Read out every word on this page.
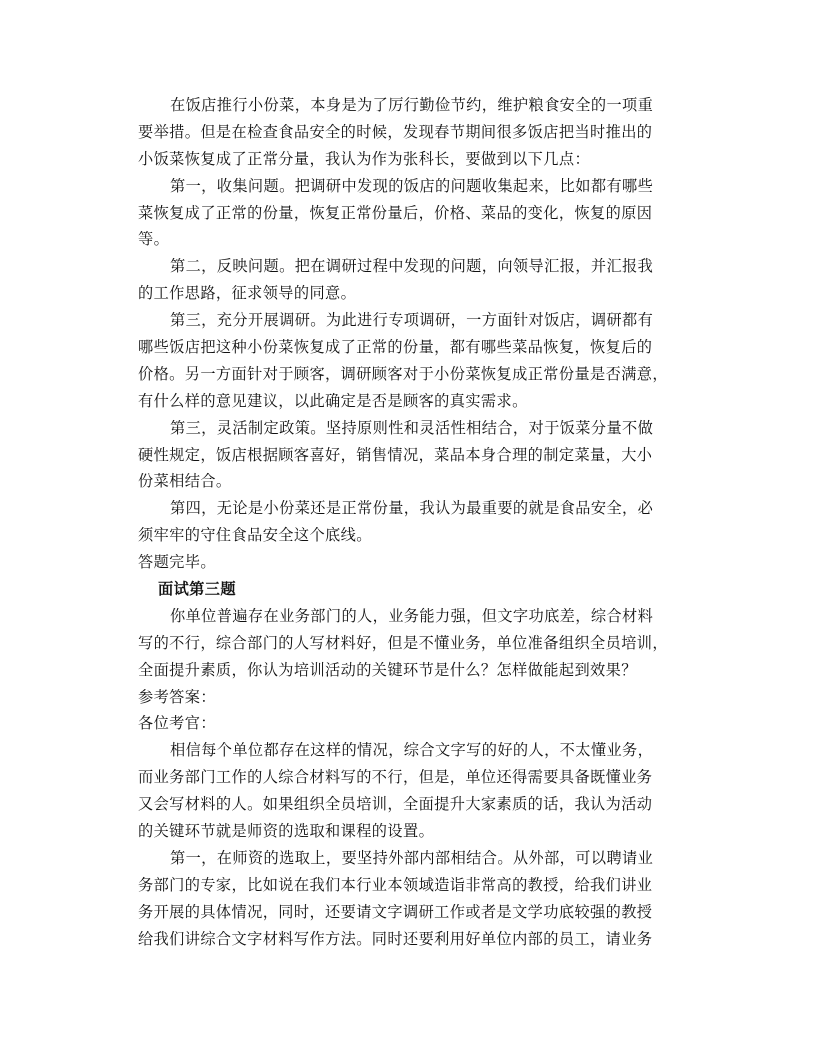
在饭店推行小份菜，本身是为了厉行勤俭节约，维护粮食安全的一项重
要举措。但是在检查食品安全的时候，发现春节期间很多饭店把当时推出的
小饭菜恢复成了正常分量，我认为作为张科长，要做到以下几点：
第一，收集问题。把调研中发现的饭店的问题收集起来，比如都有哪些
菜恢复成了正常的份量，恢复正常份量后，价格、菜品的变化，恢复的原因
等。
第二，反映问题。把在调研过程中发现的问题，向领导汇报，并汇报我
的工作思路，征求领导的同意。
第三，充分开展调研。为此进行专项调研，一方面针对饭店，调研都有
哪些饭店把这种小份菜恢复成了正常的份量，都有哪些菜品恢复，恢复后的
价格。另一方面针对于顾客，调研顾客对于小份菜恢复成正常份量是否满意，
有什么样的意见建议，以此确定是否是顾客的真实需求。
第三，灵活制定政策。坚持原则性和灵活性相结合，对于饭菜分量不做
硬性规定，饭店根据顾客喜好，销售情况，菜品本身合理的制定菜量，大小
份菜相结合。
第四，无论是小份菜还是正常份量，我认为最重要的就是食品安全，必
须牢牢的守住食品安全这个底线。
答题完毕。
面试第三题
你单位普遍存在业务部门的人，业务能力强，但文字功底差，综合材料
写的不行，综合部门的人写材料好，但是不懂业务，单位准备组织全员培训，
全面提升素质，你认为培训活动的关键环节是什么？怎样做能起到效果？
参考答案：
各位考官：
相信每个单位都存在这样的情况，综合文字写的好的人，不太懂业务，
而业务部门工作的人综合材料写的不行，但是，单位还得需要具备既懂业务
又会写材料的人。如果组织全员培训，全面提升大家素质的话，我认为活动
的关键环节就是师资的选取和课程的设置。
第一，在师资的选取上，要坚持外部内部相结合。从外部，可以聘请业
务部门的专家，比如说在我们本行业本领域造诣非常高的教授，给我们讲业
务开展的具体情况，同时，还要请文字调研工作或者是文学功底较强的教授
给我们讲综合文字材料写作方法。同时还要利用好单位内部的员工，请业务
